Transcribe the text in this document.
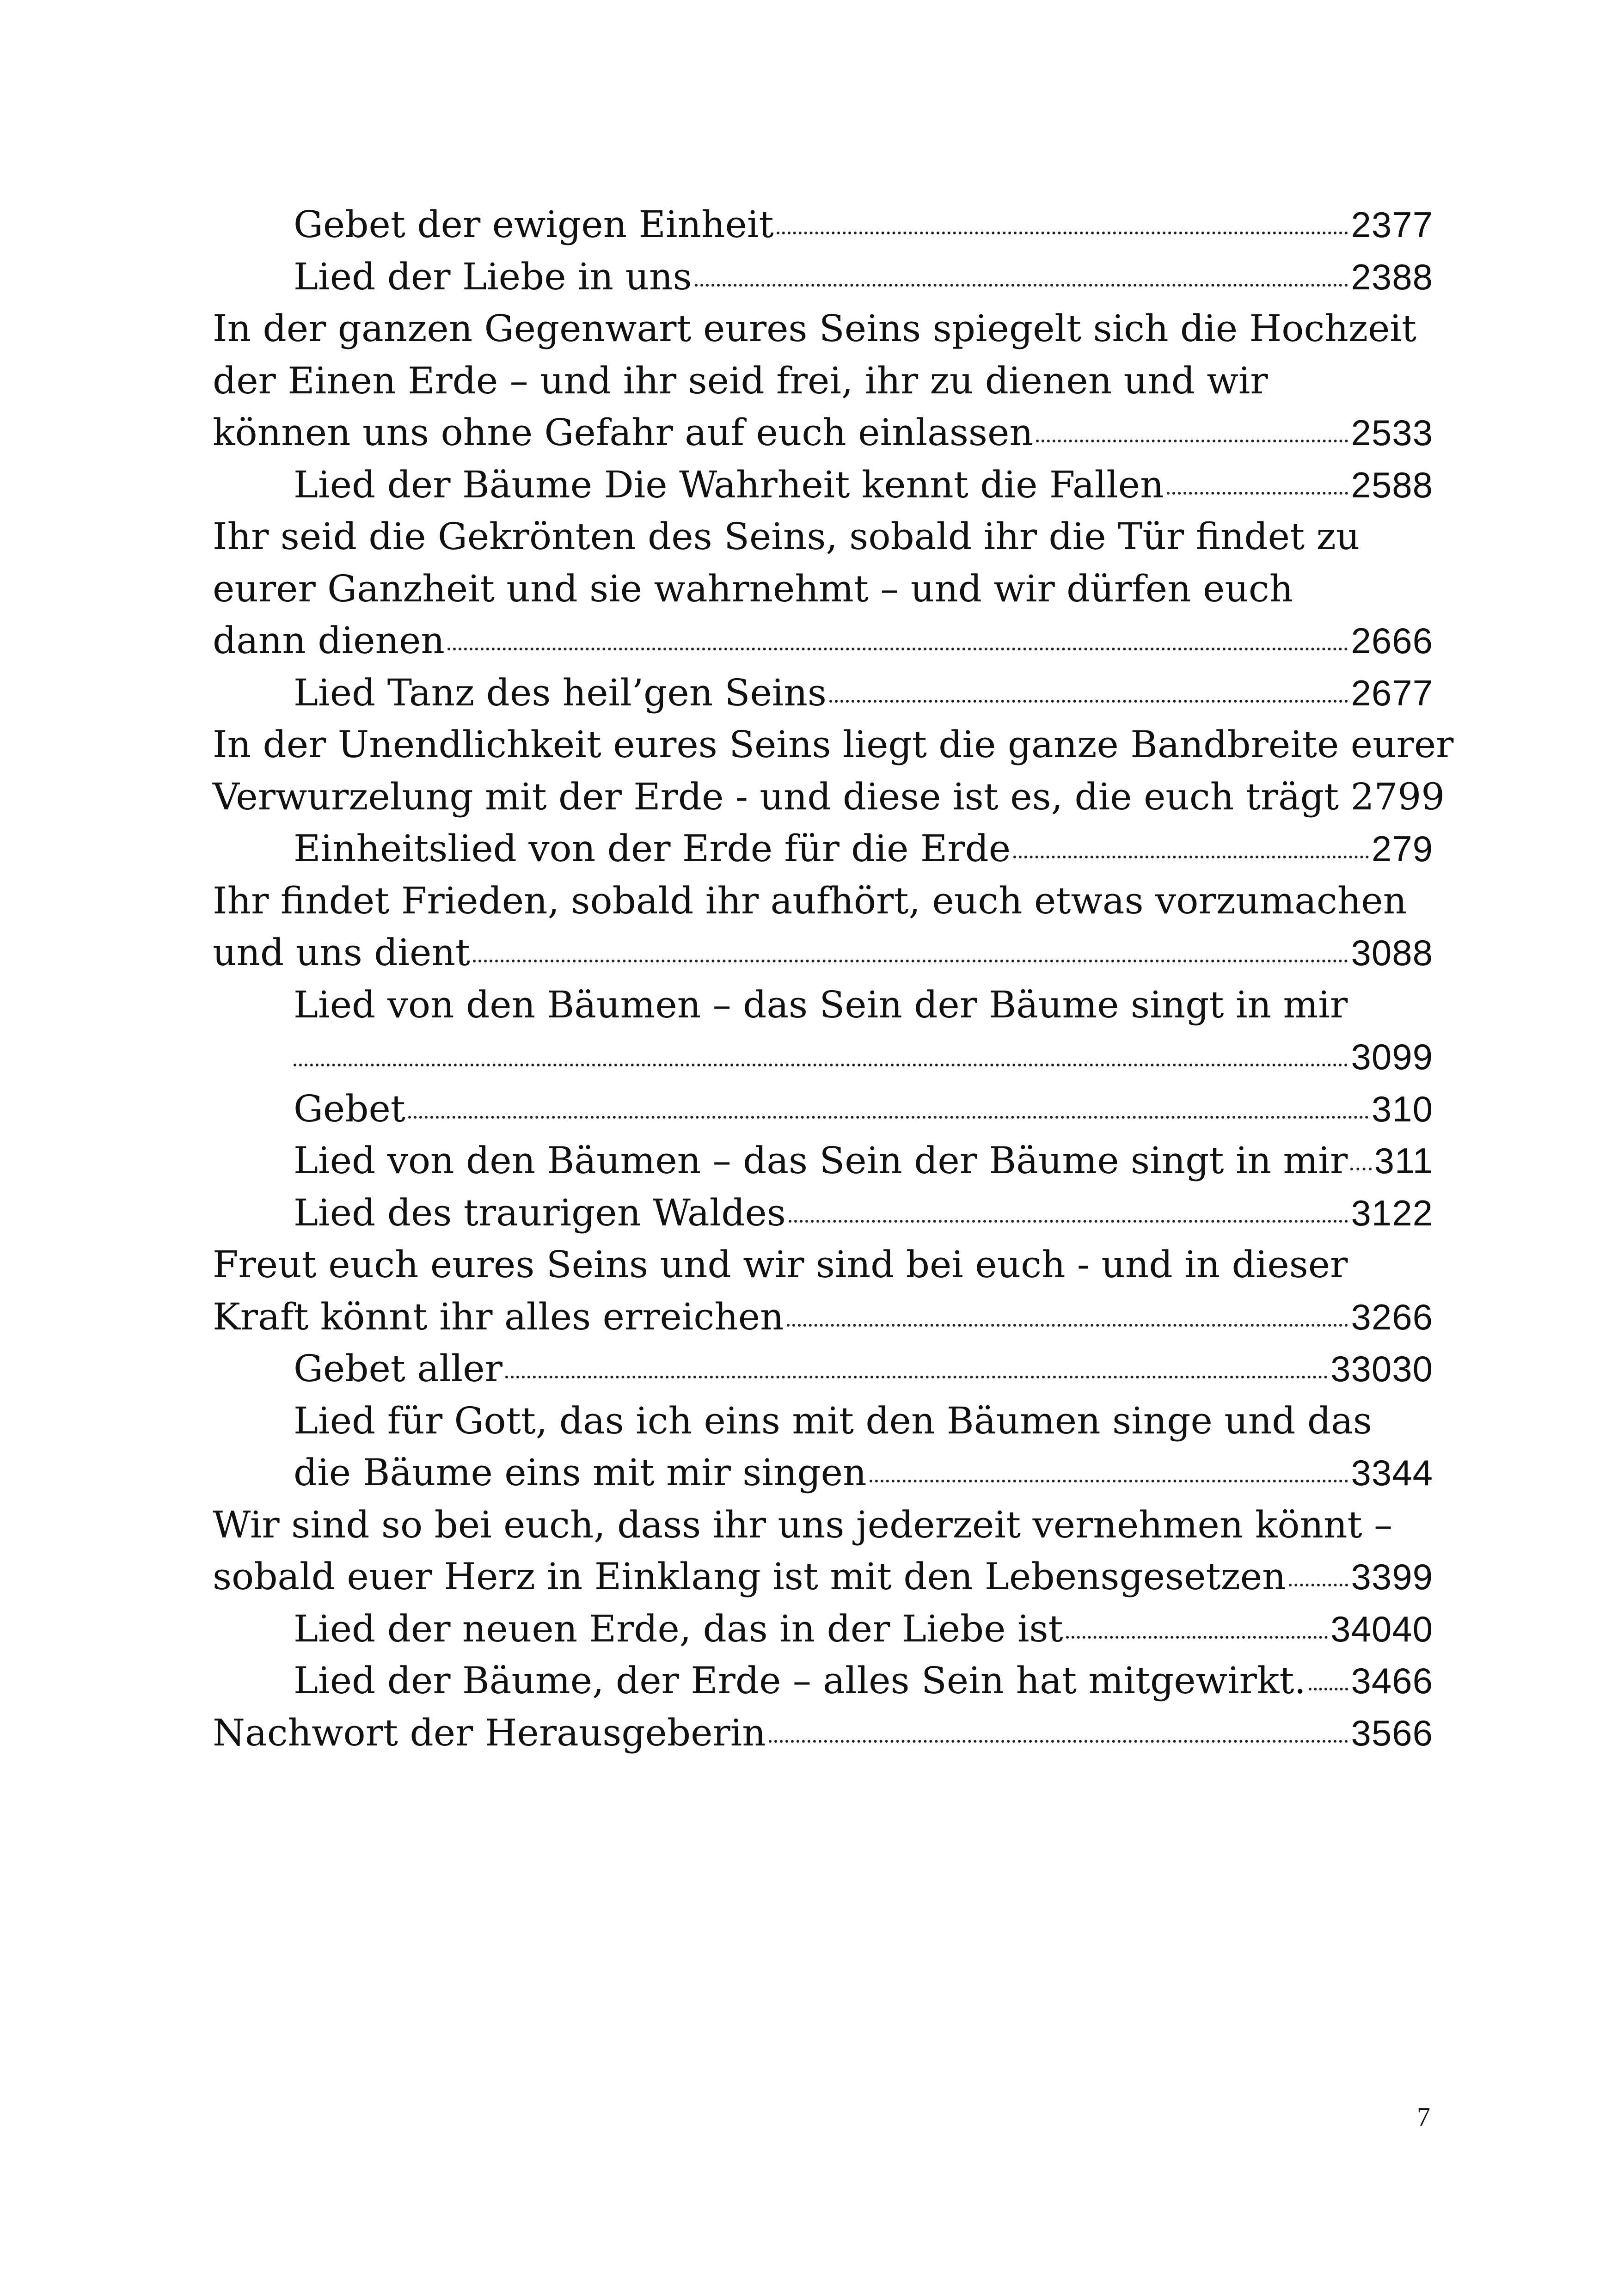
Gebet der ewigen Einheit	2377
Lied der Liebe in uns	2388
In der ganzen Gegenwart eures Seins spiegelt sich die Hochzeit
der Einen Erde – und ihr seid frei, ihr zu dienen und wir
können uns ohne Gefahr auf euch einlassen	2533
Lied der Bäume Die Wahrheit kennt die Fallen	2588
Ihr seid die Gekrönten des Seins, sobald ihr die Tür findet zu
eurer Ganzheit und sie wahrnehmt – und wir dürfen euch
dann dienen	2666
Lied Tanz des heil’gen Seins	2677
In der Unendlichkeit eures Seins liegt die ganze Bandbreite eurer
Verwurzelung mit der Erde - und diese ist es, die euch trägt 2799
Einheitslied von der Erde für die Erde	279
Ihr findet Frieden, sobald ihr aufhört, euch etwas vorzumachen
und uns dient	3088
Lied von den Bäumen – das Sein der Bäume singt in mir
3099
Gebet	310
Lied von den Bäumen – das Sein der Bäume singt in mir 311
Lied des traurigen Waldes	3122
Freut euch eures Seins und wir sind bei euch - und in dieser
Kraft könnt ihr alles erreichen	3266
Gebet aller	33030
Lied für Gott, das ich eins mit den Bäumen singe und das
die Bäume eins mit mir singen	3344
Wir sind so bei euch, dass ihr uns jederzeit vernehmen könnt –
sobald euer Herz in Einklang ist mit den Lebensgesetzen 3399
Lied der neuen Erde, das in der Liebe ist	34040
Lied der Bäume, der Erde – alles Sein hat mitgewirkt. 3466
Nachwort der Herausgeberin	3566
7
